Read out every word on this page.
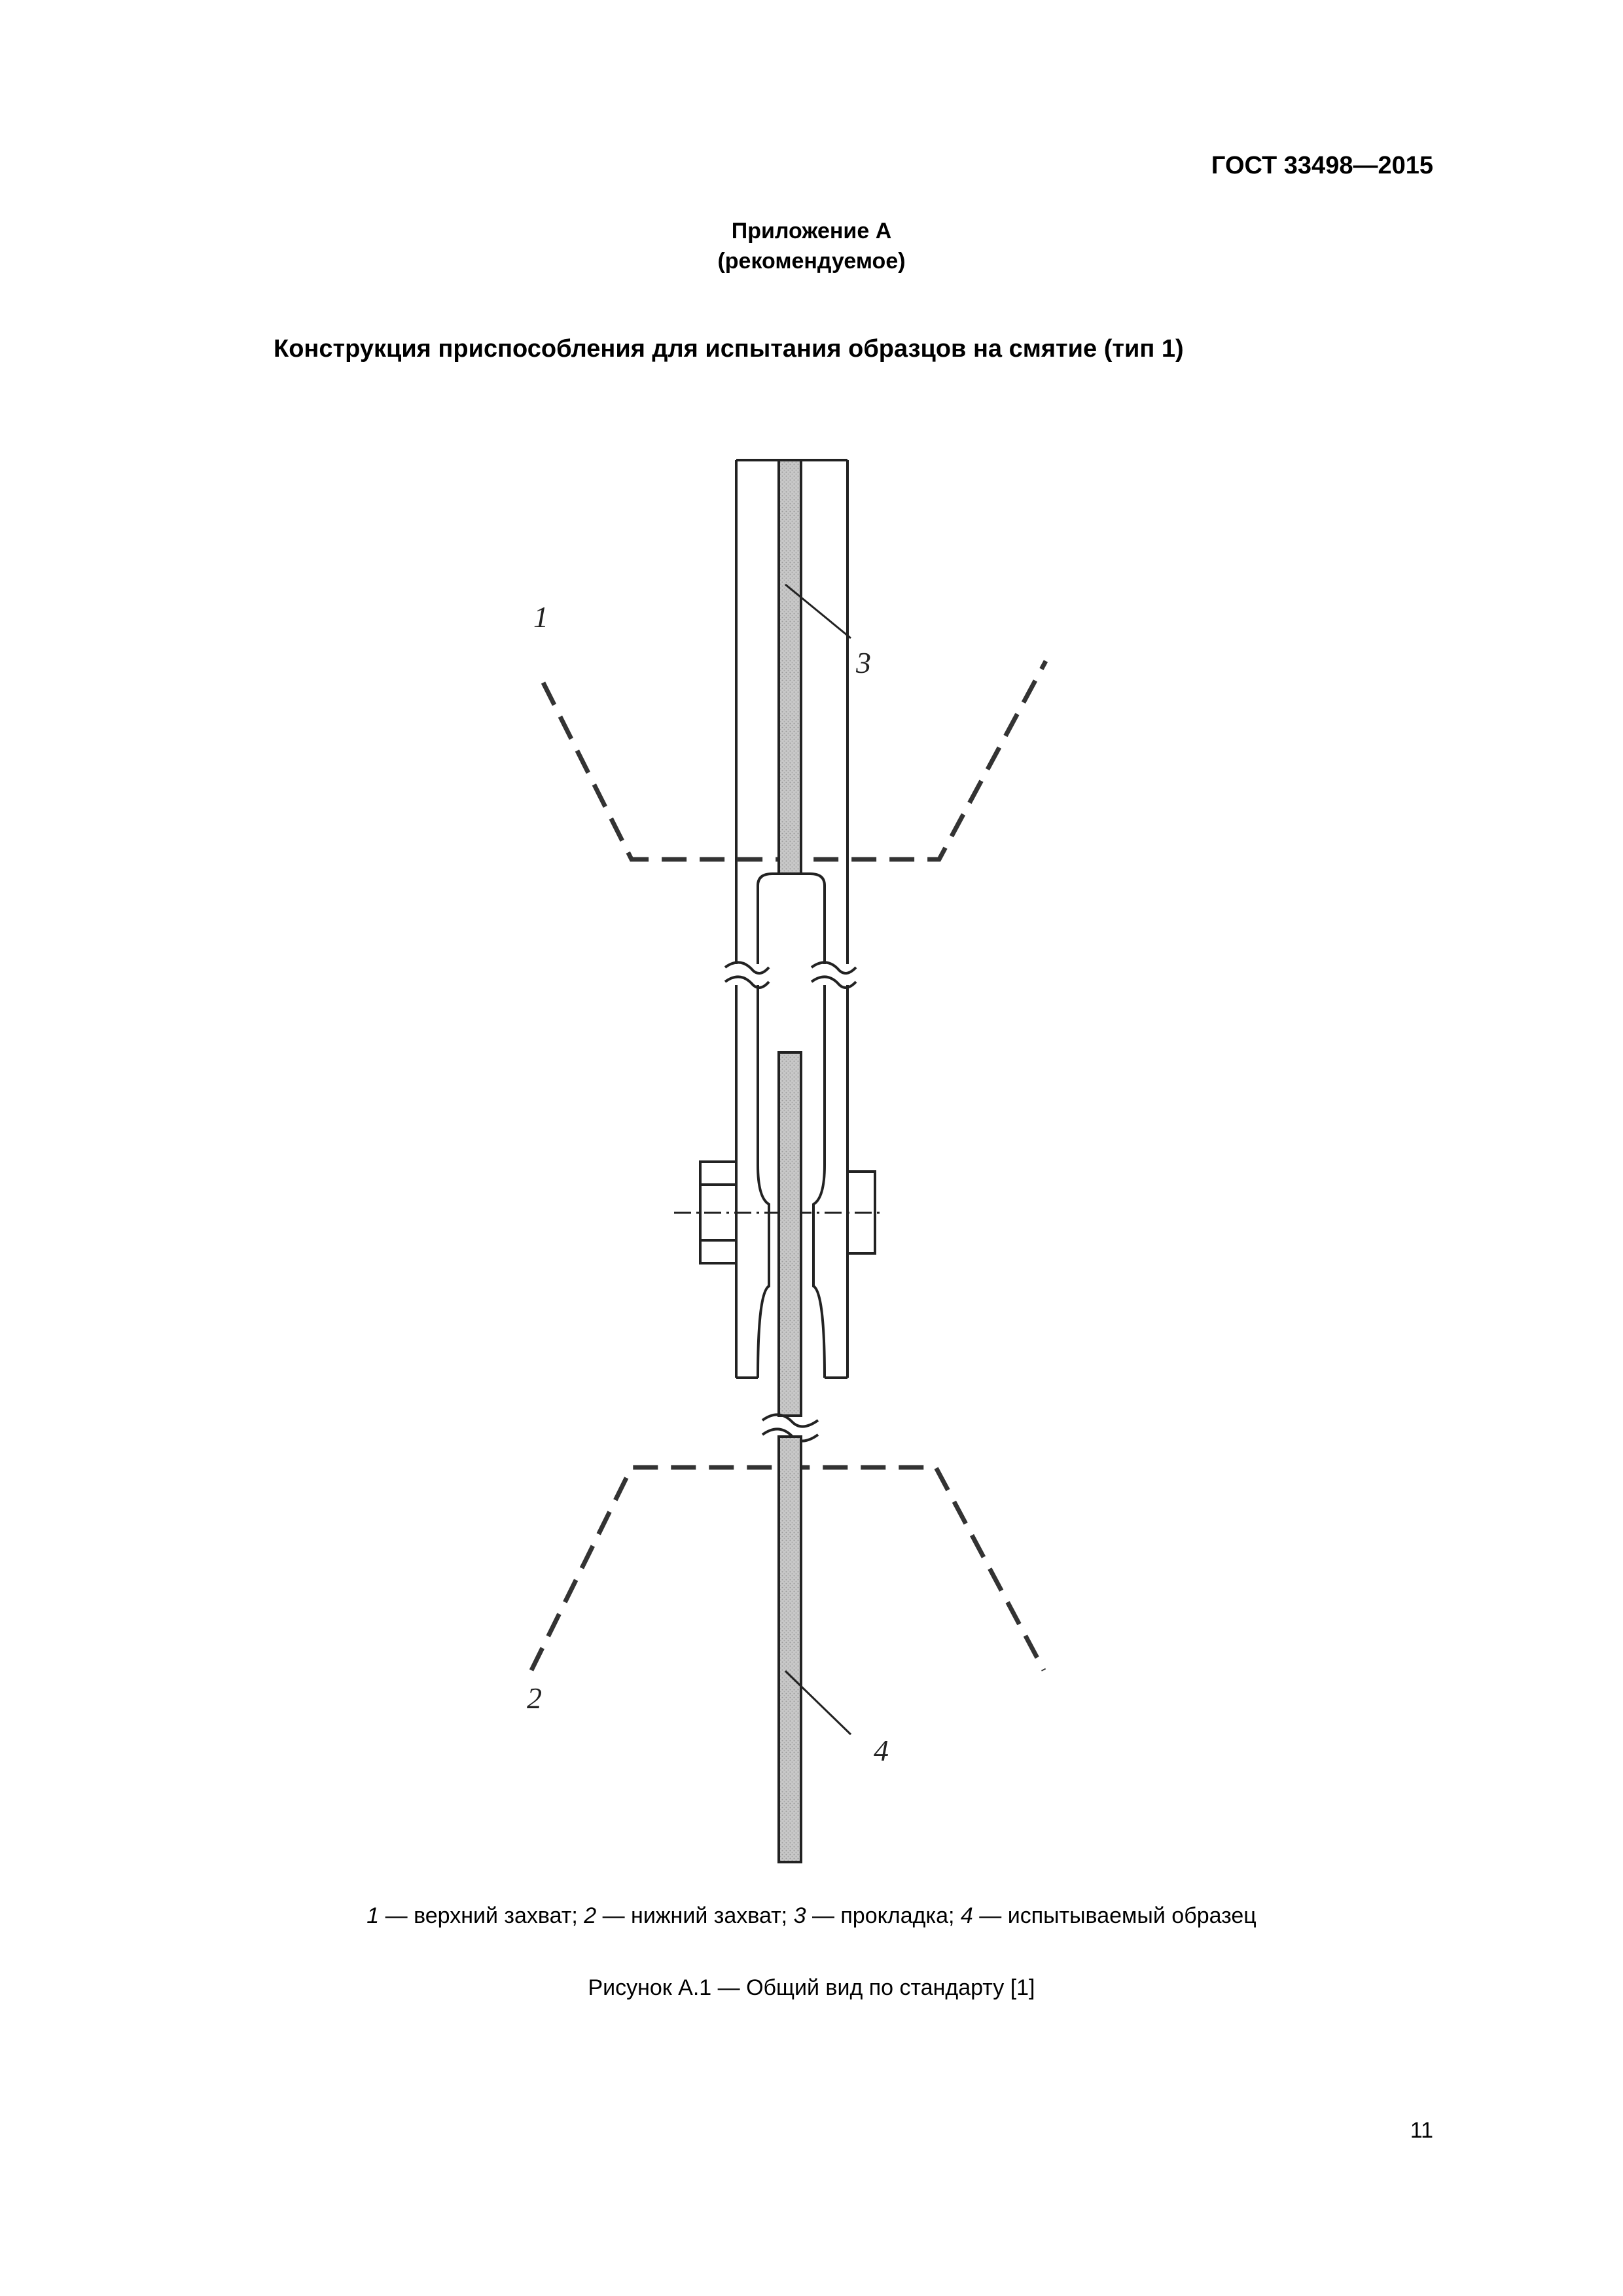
ГОСТ 33498—2015
Приложение А
(рекомендуемое)
Конструкция приспособления для испытания образцов на смятие (тип 1)
1
3
2
4
1 — верхний захват; 2 — нижний захват; 3 — прокладка; 4 — испытываемый образец
Рисунок А.1 — Общий вид по стандарту [1]
11
